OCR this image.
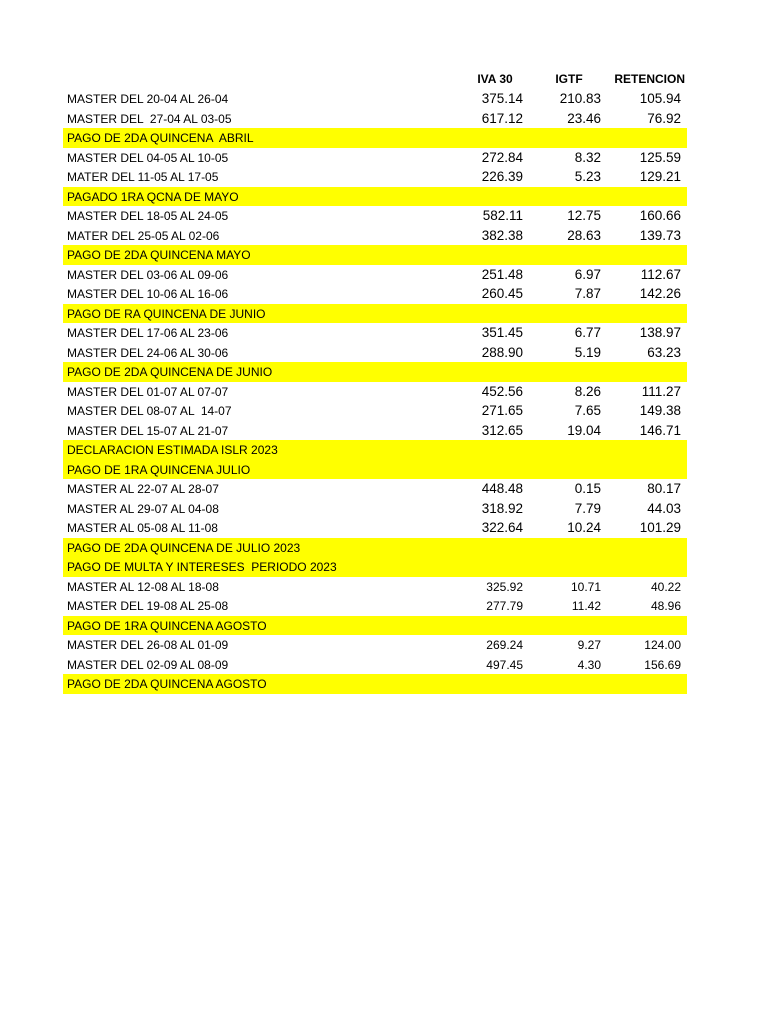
IVA 30	IGTF	RETENCION
MASTER DEL 20-04 AL 26-04	375.14	210.83	105.94
MASTER DEL  27-04 AL 03-05	617.12	23.46	76.92
PAGO DE 2DA QUINCENA  ABRIL
MASTER DEL 04-05 AL 10-05	272.84	8.32	125.59
MATER DEL 11-05 AL 17-05	226.39	5.23	129.21
PAGADO 1RA QCNA DE MAYO
MASTER DEL 18-05 AL 24-05	582.11	12.75	160.66
MATER DEL 25-05 AL 02-06	382.38	28.63	139.73
PAGO DE 2DA QUINCENA MAYO
MASTER DEL 03-06 AL 09-06	251.48	6.97	112.67
MASTER DEL 10-06 AL 16-06	260.45	7.87	142.26
PAGO DE RA QUINCENA DE JUNIO
MASTER DEL 17-06 AL 23-06	351.45	6.77	138.97
MASTER DEL 24-06 AL 30-06	288.90	5.19	63.23
PAGO DE 2DA QUINCENA DE JUNIO
MASTER DEL 01-07 AL 07-07	452.56	8.26	111.27
MASTER DEL 08-07 AL  14-07	271.65	7.65	149.38
MASTER DEL 15-07 AL 21-07	312.65	19.04	146.71
DECLARACION ESTIMADA ISLR 2023
PAGO DE 1RA QUINCENA JULIO
MASTER AL 22-07 AL 28-07	448.48	0.15	80.17
MASTER AL 29-07 AL 04-08	318.92	7.79	44.03
MASTER AL 05-08 AL 11-08	322.64	10.24	101.29
PAGO DE 2DA QUINCENA DE JULIO 2023
PAGO DE MULTA Y INTERESES  PERIODO 2023
MASTER AL 12-08 AL 18-08	325.92	10.71	40.22
MASTER DEL 19-08 AL 25-08	277.79	11.42	48.96
PAGO DE 1RA QUINCENA AGOSTO
MASTER DEL 26-08 AL 01-09	269.24	9.27	124.00
MASTER DEL 02-09 AL 08-09	497.45	4.30	156.69
PAGO DE 2DA QUINCENA AGOSTO
